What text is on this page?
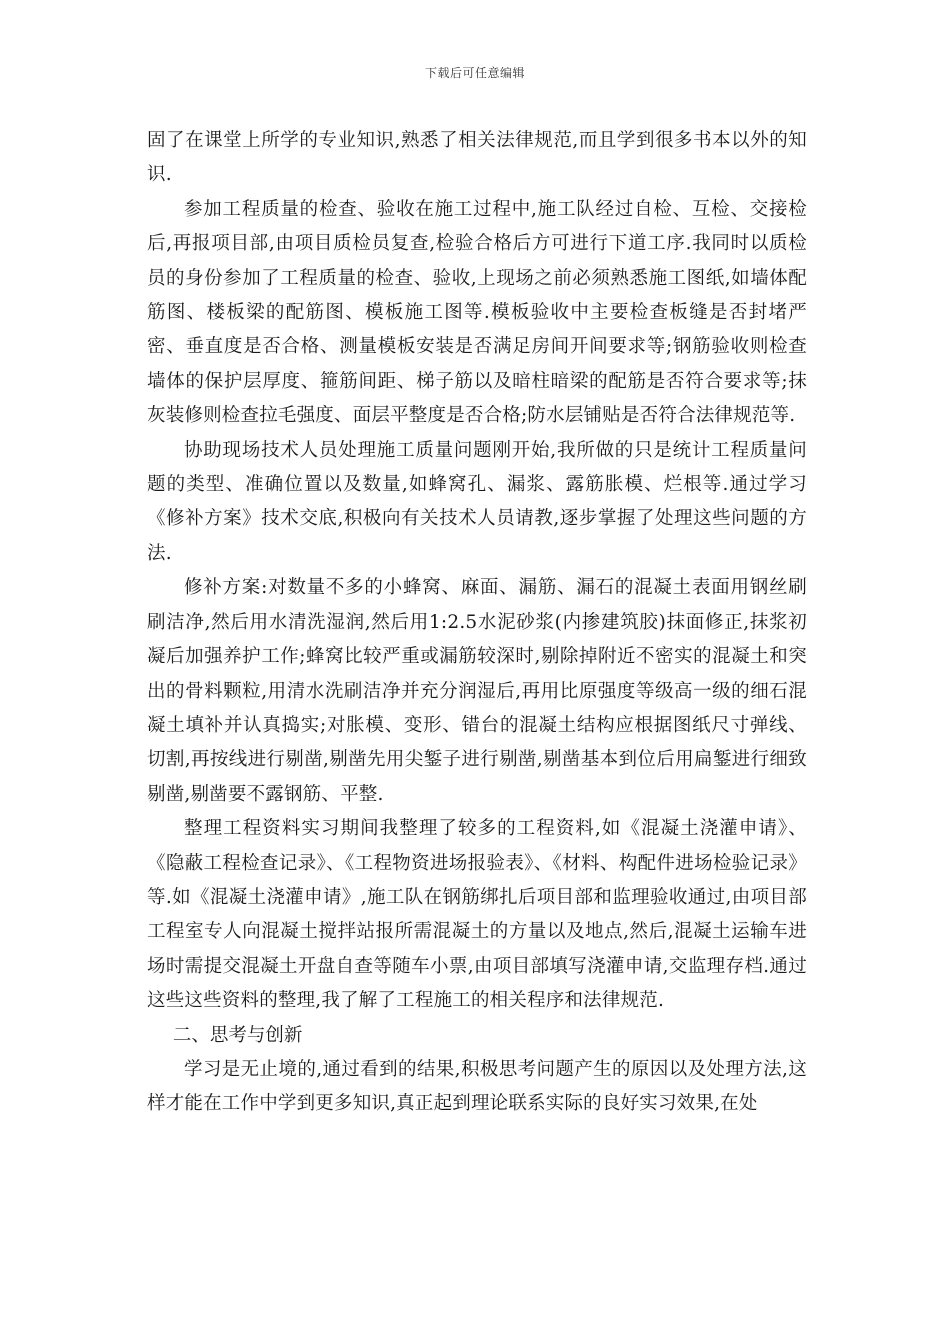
下载后可任意编辑

固了在课堂上所学的专业知识,熟悉了相关法律规范,而且学到很多书本以外的知识.

参加工程质量的检查、验收在施工过程中,施工队经过自检、互检、交接检后,再报项目部,由项目质检员复查,检验合格后方可进行下道工序.我同时以质检员的身份参加了工程质量的检查、验收,上现场之前必须熟悉施工图纸,如墙体配筋图、楼板梁的配筋图、模板施工图等.模板验收中主要检查板缝是否封堵严密、垂直度是否合格、测量模板安装是否满足房间开间要求等;钢筋验收则检查墙体的保护层厚度、箍筋间距、梯子筋以及暗柱暗梁的配筋是否符合要求等;抹灰装修则检查拉毛强度、面层平整度是否合格;防水层铺贴是否符合法律规范等.

协助现场技术人员处理施工质量问题刚开始,我所做的只是统计工程质量问题的类型、准确位置以及数量,如蜂窝孔、漏浆、露筋胀模、烂根等.通过学习《修补方案》技术交底,积极向有关技术人员请教,逐步掌握了处理这些问题的方法.

修补方案:对数量不多的小蜂窝、麻面、漏筋、漏石的混凝土表面用钢丝刷刷洁净,然后用水清洗湿润,然后用1:2.5水泥砂浆(内掺建筑胶)抹面修正,抹浆初凝后加强养护工作;蜂窝比较严重或漏筋较深时,剔除掉附近不密实的混凝土和突出的骨料颗粒,用清水洗刷洁净并充分润湿后,再用比原强度等级高一级的细石混凝土填补并认真捣实;对胀模、变形、错台的混凝土结构应根据图纸尺寸弹线、切割,再按线进行剔凿,剔凿先用尖錾子进行剔凿,剔凿基本到位后用扁錾进行细致剔凿,剔凿要不露钢筋、平整.

整理工程资料实习期间我整理了较多的工程资料,如《混凝土浇灌申请》、《隐蔽工程检查记录》、《工程物资进场报验表》、《材料、构配件进场检验记录》等.如《混凝土浇灌申请》,施工队在钢筋绑扎后项目部和监理验收通过,由项目部工程室专人向混凝土搅拌站报所需混凝土的方量以及地点,然后,混凝土运输车进场时需提交混凝土开盘自查等随车小票,由项目部填写浇灌申请,交监理存档.通过这些这些资料的整理,我了解了工程施工的相关程序和法律规范.

二、思考与创新

学习是无止境的,通过看到的结果,积极思考问题产生的原因以及处理方法,这样才能在工作中学到更多知识,真正起到理论联系实际的良好实习效果,在处
